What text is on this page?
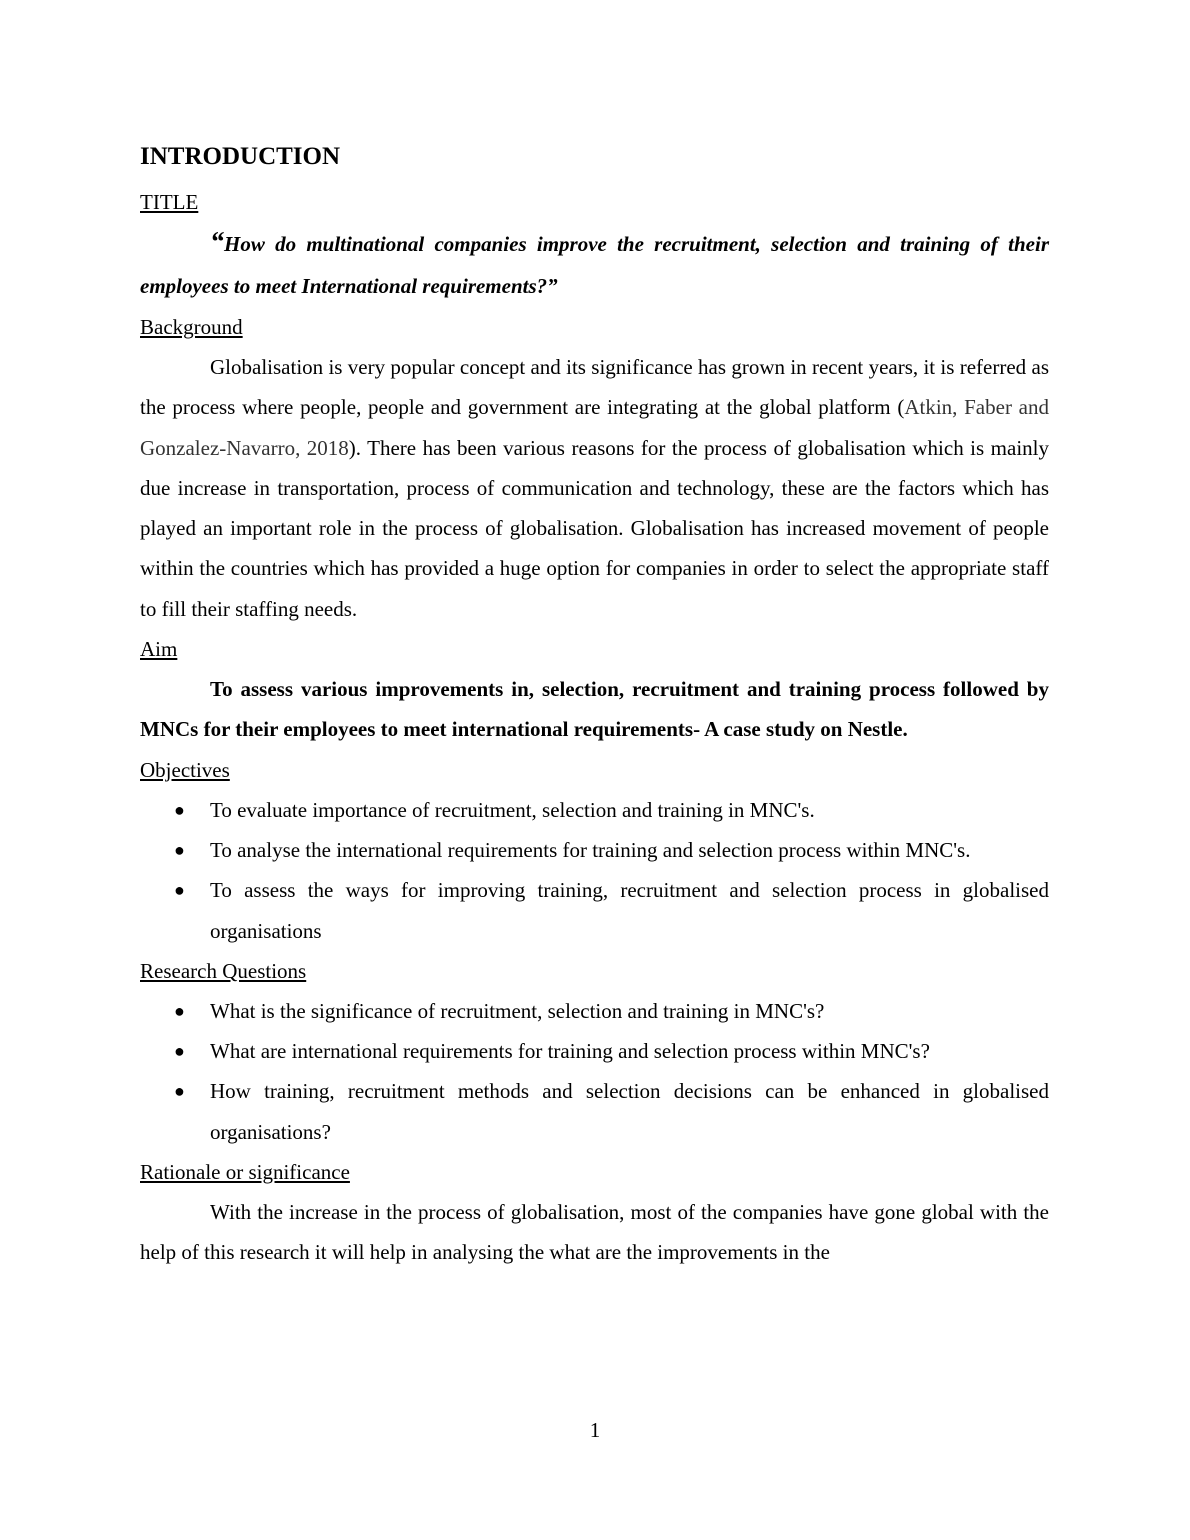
INTRODUCTION

TITLE

“How do multinational companies improve the recruitment, selection and training of their employees to meet International requirements?”

Background

Globalisation is very popular concept and its significance has grown in recent years, it is referred as the process where people, people and government are integrating at the global platform (Atkin, Faber and Gonzalez-Navarro, 2018). There has been various reasons for the process of globalisation which is mainly due increase in transportation, process of communication and technology, these are the factors which has played an important role in the process of globalisation. Globalisation has increased movement of people within the countries which has provided a huge option for companies in order to select the appropriate staff to fill their staffing needs.

Aim

To assess various improvements in, selection, recruitment and training process followed by MNCs for their employees to meet international requirements- A case study on Nestle.

Objectives

● To evaluate importance of recruitment, selection and training in MNC's.
● To analyse the international requirements for training and selection process within MNC's.
● To assess the ways for improving training, recruitment and selection process in globalised organisations

Research Questions

● What is the significance of recruitment, selection and training in MNC's?
● What are international requirements for training and selection process within MNC's?
● How training, recruitment methods and selection decisions can be enhanced in globalised organisations?

Rationale or significance

With the increase in the process of globalisation, most of the companies have gone global with the help of this research it will help in analysing the what are the improvements in the

1
